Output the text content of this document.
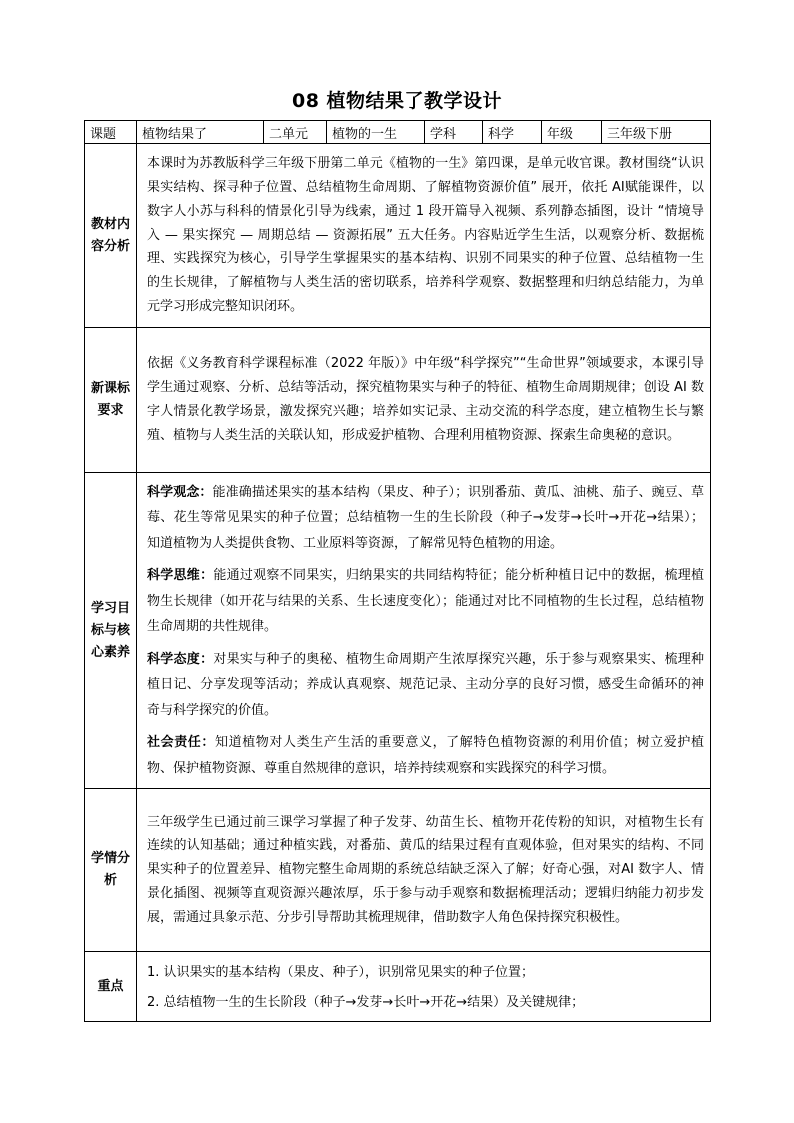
08 植物结果了教学设计
课题	植物结果了	二单元	植物的一生	学科	科学	年级	三年级下册
教材内容分析	本课时为苏教版科学三年级下册第二单元《植物的一生》第四课，是单元收官课。教材围绕“认识果实结构、探寻种子位置、总结植物生命周期、了解植物资源价值” 展开，依托 AI赋能课件，以数字人小苏与科科的情景化引导为线索，通过 1 段开篇导入视频、系列静态插图，设计 “情境导入 — 果实探究 — 周期总结 — 资源拓展” 五大任务。内容贴近学生生活，以观察分析、数据梳理、实践探究为核心，引导学生掌握果实的基本结构、识别不同果实的种子位置、总结植物一生的生长规律，了解植物与人类生活的密切联系，培养科学观察、数据整理和归纳总结能力，为单元学习形成完整知识闭环。						

新课标要求	依据《义务教育科学课程标准（2022 年版）》中年级“科学探究”“生命世界”领域要求，本课引导学生通过观察、分析、总结等活动，探究植物果实与种子的特征、植物生命周期规律；创设 AI 数字人情景化教学场景，激发探究兴趣；培养如实记录、主动交流的科学态度，建立植物生长与繁殖、植物与人类生活的关联认知，形成爱护植物、合理利用植物资源、探索生命奥秘的意识。						

学习目标与核心素养	科学观念：能准确描述果实的基本结构（果皮、种子）；识别番茄、黄瓜、油桃、茄子、豌豆、草莓、花生等常见果实的种子位置；总结植物一生的生长阶段（种子→发芽→长叶→开花→结果）；知道植物为人类提供食物、工业原料等资源，了解常见特色植物的用途。

科学思维：能通过观察不同果实，归纳果实的共同结构特征；能分析种植日记中的数据，梳理植物生长规律（如开花与结果的关系、生长速度变化）；能通过对比不同植物的生长过程，总结植物生命周期的共性规律。

科学态度：对果实与种子的奥秘、植物生命周期产生浓厚探究兴趣，乐于参与观察果实、梳理种植日记、分享发现等活动；养成认真观察、规范记录、主动分享的良好习惯，感受生命循环的神奇与科学探究的价值。

社会责任：知道植物对人类生产生活的重要意义，了解特色植物资源的利用价值；树立爱护植物、保护植物资源、尊重自然规律的意识，培养持续观察和实践探究的科学习惯。						

学情分析	三年级学生已通过前三课学习掌握了种子发芽、幼苗生长、植物开花传粉的知识，对植物生长有连续的认知基础；通过种植实践，对番茄、黄瓜的结果过程有直观体验，但对果实的结构、不同果实种子的位置差异、植物完整生命周期的系统总结缺乏深入了解；好奇心强，对AI 数字人、情景化插图、视频等直观资源兴趣浓厚，乐于参与动手观察和数据梳理活动；逻辑归纳能力初步发展，需通过具象示范、分步引导帮助其梳理规律，借助数字人角色保持探究积极性。						

重点	1. 认识果实的基本结构（果皮、种子），识别常见果实的种子位置；

2. 总结植物一生的生长阶段（种子→发芽→长叶→开花→结果）及关键规律；						
